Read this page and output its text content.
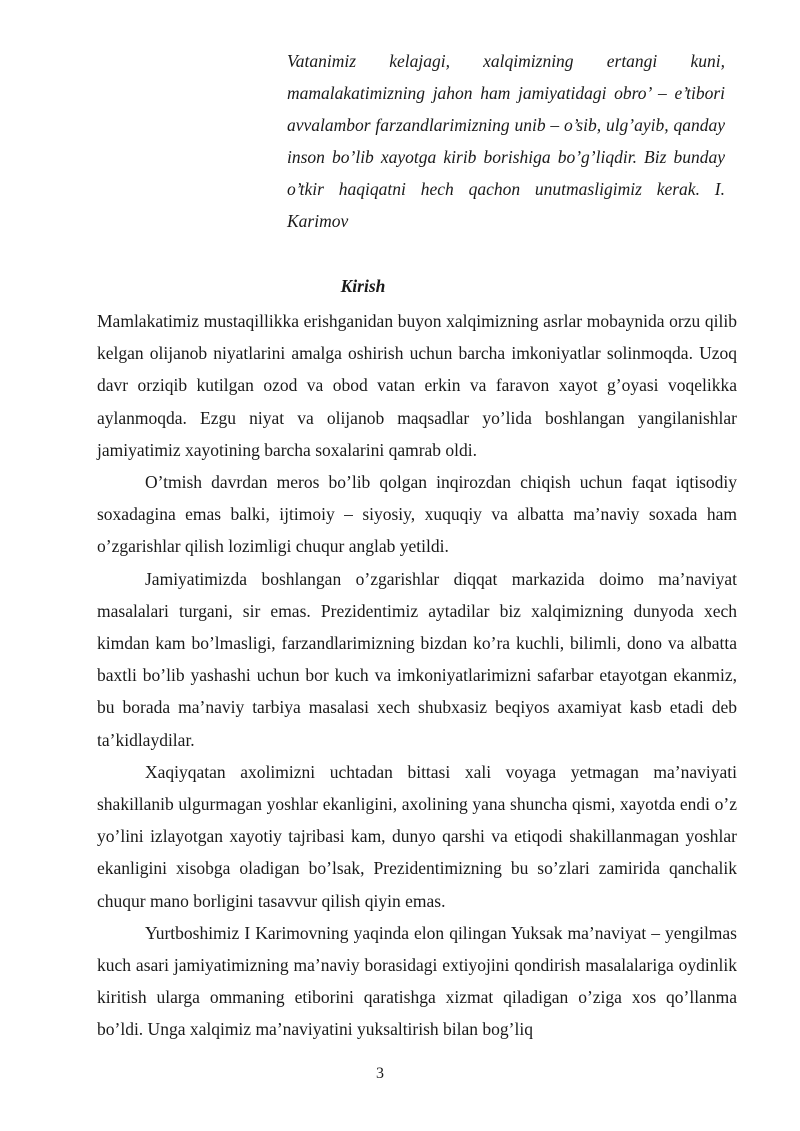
Vatanimiz kelajagi, xalqimizning ertangi kuni, mamalakatimizning jahon ham jamiyatidagi obro’ – e’tibori avvalambor farzandlarimizning unib – o’sib, ulg’ayib, qanday inson bo’lib xayotga kirib borishiga bo’g’liqdir. Biz bunday o’tkir haqiqatni hech qachon unutmasligimiz kerak. I. Karimov
Kirish

Mamlakatimiz mustaqillikka erishganidan buyon xalqimizning asrlar mobaynida orzu qilib kelgan olijanob niyatlarini amalga oshirish uchun barcha imkoniyatlar solinmoqda. Uzoq davr orziqib kutilgan ozod va obod vatan erkin va faravon xayot g’oyasi voqelikka aylanmoqda. Ezgu niyat va olijanob maqsadlar yo’lida boshlangan yangilanishlar jamiyatimiz xayotining barcha soxalarini qamrab oldi.

O’tmish davrdan meros bo’lib qolgan inqirozdan chiqish uchun faqat iqtisodiy soxadagina emas balki, ijtimoiy – siyosiy, xuquqiy va albatta ma’naviy soxada ham o’zgarishlar qilish lozimligi chuqur anglab yetildi.

Jamiyatimizda boshlangan o’zgarishlar diqqat markazida doimo ma’naviyat masalalari turgani, sir emas. Prezidentimiz aytadilar biz xalqimizning dunyoda xech kimdan kam bo’lmasligi, farzandlarimizning bizdan ko’ra kuchli, bilimli, dono va albatta baxtli bo’lib yashashi uchun bor kuch va imkoniyatlarimizni safarbar etayotgan ekanmiz, bu borada ma’naviy tarbiya masalasi xech shubxasiz beqiyos axamiyat kasb etadi deb ta’kidlaydilar.

Xaqiyqatan axolimizni uchtadan bittasi xali voyaga yetmagan ma’naviyati shakillanib ulgurmagan yoshlar ekanligini, axolining yana shuncha qismi, xayotda endi o’z yo’lini izlayotgan xayotiy tajribasi kam, dunyo qarshi va etiqodi shakillanmagan yoshlar ekanligini xisobga oladigan bo’lsak, Prezidentimizning bu so’zlari zamirida qanchalik chuqur mano borligini tasavvur qilish qiyin emas.

Yurtboshimiz I Karimovning yaqinda elon qilingan Yuksak ma’naviyat – yengilmas kuch asari jamiyatimizning ma’naviy borasidagi extiyojini qondirish masalalariga oydinlik kiritish ularga ommaning etiborini qaratishga xizmat qiladigan o’ziga xos qo’llanma bo’ldi. Unga xalqimiz ma’naviyatini yuksaltirish bilan bog’liq

3
